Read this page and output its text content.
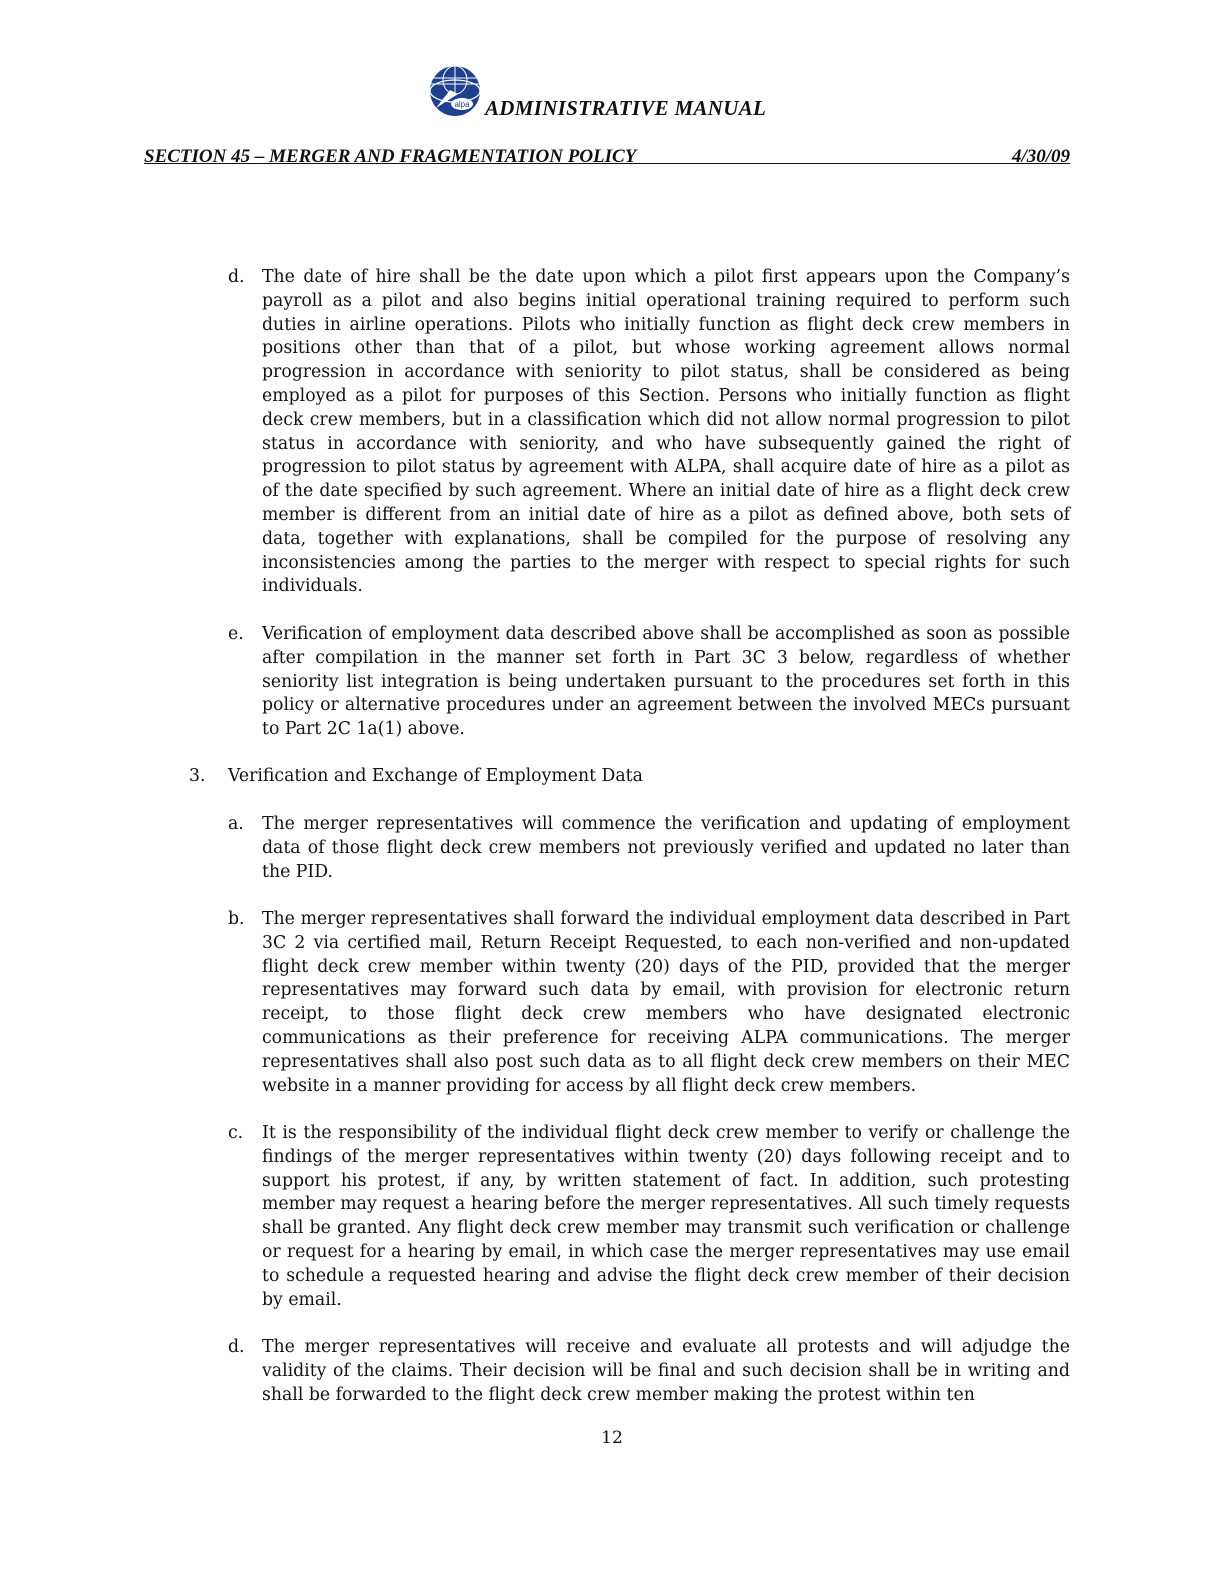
alpa ADMINISTRATIVE MANUAL
SECTION 45 – MERGER AND FRAGMENTATION POLICY	4/30/09
d. The date of hire shall be the date upon which a pilot first appears upon the Company’s payroll as a pilot and also begins initial operational training required to perform such duties in airline operations. Pilots who initially function as flight deck crew members in positions other than that of a pilot, but whose working agreement allows normal progression in accordance with seniority to pilot status, shall be considered as being employed as a pilot for purposes of this Section. Persons who initially function as flight deck crew members, but in a classification which did not allow normal progression to pilot status in accordance with seniority, and who have subsequently gained the right of progression to pilot status by agreement with ALPA, shall acquire date of hire as a pilot as of the date specified by such agreement. Where an initial date of hire as a flight deck crew member is different from an initial date of hire as a pilot as defined above, both sets of data, together with explanations, shall be compiled for the purpose of resolving any inconsistencies among the parties to the merger with respect to special rights for such individuals.
e. Verification of employment data described above shall be accomplished as soon as possible after compilation in the manner set forth in Part 3C 3 below, regardless of whether seniority list integration is being undertaken pursuant to the procedures set forth in this policy or alternative procedures under an agreement between the involved MECs pursuant to Part 2C 1a(1) above.
3. Verification and Exchange of Employment Data
a. The merger representatives will commence the verification and updating of employment data of those flight deck crew members not previously verified and updated no later than the PID.
b. The merger representatives shall forward the individual employment data described in Part 3C 2 via certified mail, Return Receipt Requested, to each non-verified and non-updated flight deck crew member within twenty (20) days of the PID, provided that the merger representatives may forward such data by email, with provision for electronic return receipt, to those flight deck crew members who have designated electronic communications as their preference for receiving ALPA communications. The merger representatives shall also post such data as to all flight deck crew members on their MEC website in a manner providing for access by all flight deck crew members.
c. It is the responsibility of the individual flight deck crew member to verify or challenge the findings of the merger representatives within twenty (20) days following receipt and to support his protest, if any, by written statement of fact. In addition, such protesting member may request a hearing before the merger representatives. All such timely requests shall be granted. Any flight deck crew member may transmit such verification or challenge or request for a hearing by email, in which case the merger representatives may use email to schedule a requested hearing and advise the flight deck crew member of their decision by email.
d. The merger representatives will receive and evaluate all protests and will adjudge the validity of the claims. Their decision will be final and such decision shall be in writing and shall be forwarded to the flight deck crew member making the protest within ten
12
